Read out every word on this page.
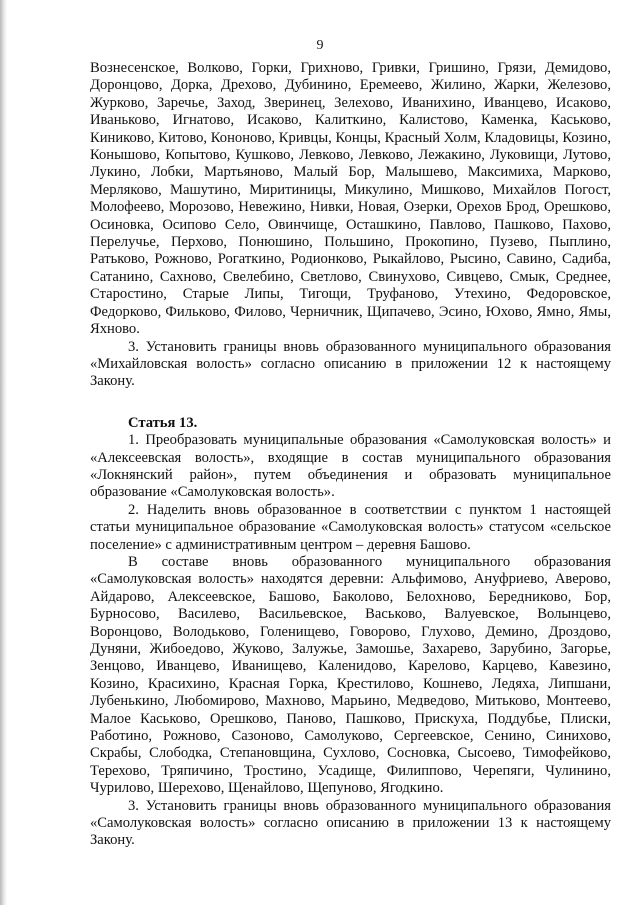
9

Вознесенское, Волково, Горки, Грихново, Гривки, Гришино, Грязи, Демидово, Доронцово, Дорка, Дрехово, Дубинино, Еремеево, Жилино, Жарки, Железово, Журково, Заречье, Заход, Зверинец, Зелехово, Иванихино, Иванцево, Исаково, Иваньково, Игнатово, Исаково, Калиткино, Калистово, Каменка, Каськово, Киниково, Китово, Кононово, Кривцы, Концы, Красный Холм, Кладовицы, Козино, Конышово, Копытово, Кушково, Левково, Левково, Лежакино, Луковищи, Лутово, Лукино, Лобки, Мартьяново, Малый Бор, Малышево, Максимиха, Марково, Мерляково, Машутино, Миритиницы, Микулино, Мишково, Михайлов Погост, Молофеево, Морозово, Невежино, Нивки, Новая, Озерки, Орехов Брод, Орешково, Осиновка, Осипово Село, Овинчище, Осташкино, Павлово, Пашково, Пахово, Перелучье, Перхово, Понюшино, Польшино, Прокопино, Пузево, Пыплино, Ратьково, Рожново, Рогаткино, Родионково, Рыкайлово, Рысино, Савино, Садиба, Сатанино, Сахново, Свелебино, Светлово, Свинухово, Сивцево, Смык, Среднее, Старостино, Старые Липы, Тигощи, Труфаново, Утехино, Федоровское, Федорково, Фильково, Филово, Черничник, Щипачево, Эсино, Юхово, Ямно, Ямы, Яхново.

3. Установить границы вновь образованного муниципального образования «Михайловская волость» согласно описанию в приложении 12 к настоящему Закону.

Статья 13.

1. Преобразовать муниципальные образования «Самолуковская волость» и «Алексеевская волость», входящие в состав муниципального образования «Локнянский район», путем объединения и образовать муниципальное образование «Самолуковская волость».

2. Наделить вновь образованное в соответствии с пунктом 1 настоящей статьи муниципальное образование «Самолуковская волость» статусом «сельское поселение» с административным центром – деревня Башово.

В составе вновь образованного муниципального образования «Самолуковская волость» находятся деревни: Альфимово, Ануфриево, Аверово, Айдарово, Алексеевское, Башово, Баколово, Белохново, Бередниково, Бор, Бурносово, Василево, Васильевское, Васьково, Валуевское, Волынцево, Воронцово, Володьково, Голенищево, Говорово, Глухово, Демино, Дроздово, Дуняни, Жибоедово, Жуково, Залужье, Замошье, Захарево, Зарубино, Загорье, Зенцово, Иванцево, Иванищево, Каленидово, Карелово, Карцево, Кавезино, Козино, Красихино, Красная Горка, Крестилово, Кошнево, Ледяха, Липшани, Лубенькино, Любомирово, Махново, Марьино, Медведово, Митьково, Монтеево, Малое Каськово, Орешково, Паново, Пашково, Прискуха, Поддубье, Плиски, Работино, Рожново, Сазоново, Самолуково, Сергеевское, Сенино, Синихово, Скрабы, Слободка, Степановщина, Сухлово, Сосновка, Сысоево, Тимофейково, Терехово, Тряпичино, Тростино, Усадище, Филиппово, Черепяги, Чулинино, Чурилово, Шерехово, Щенайлово, Щепуново, Ягодкино.

3. Установить границы вновь образованного муниципального образования «Самолуковская волость» согласно описанию в приложении 13 к настоящему Закону.
